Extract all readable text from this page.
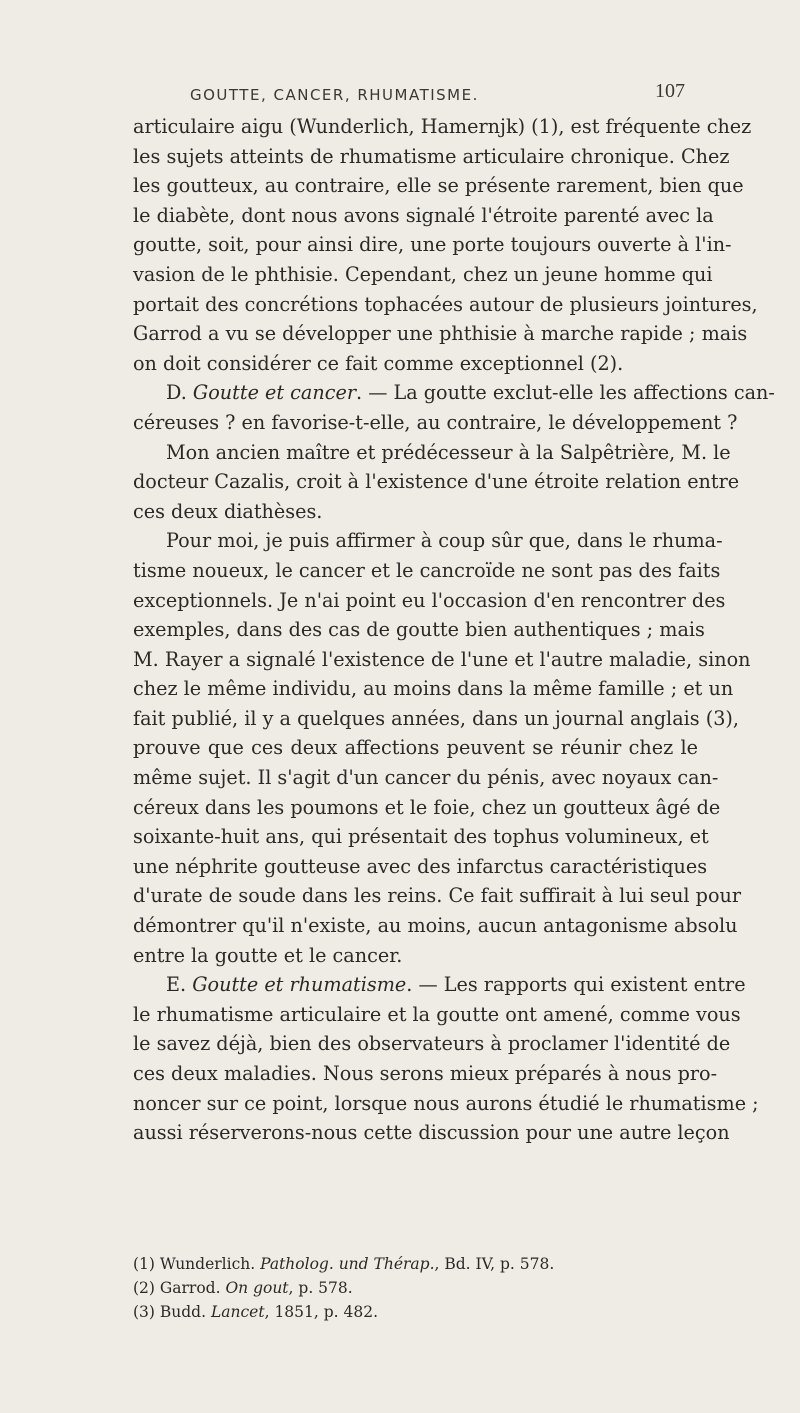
GOUTTE, CANCER, RHUMATISME.	107
articulaire aigu (Wunderlich, Hamernjk) (1), est fréquente chez
les sujets atteints de rhumatisme articulaire chronique. Chez
les goutteux, au contraire, elle se présente rarement, bien que
le diabète, dont nous avons signalé l'étroite parenté avec la
goutte, soit, pour ainsi dire, une porte toujours ouverte à l'in-
vasion de le phthisie. Cependant, chez un jeune homme qui
portait des concrétions tophacées autour de plusieurs jointures,
Garrod a vu se développer une phthisie à marche rapide ; mais
on doit considérer ce fait comme exceptionnel (2).
D. Goutte et cancer. — La goutte exclut-elle les affections can-
céreuses ? en favorise-t-elle, au contraire, le développement ?
Mon ancien maître et prédécesseur à la Salpêtrière, M. le
docteur Cazalis, croit à l'existence d'une étroite relation entre
ces deux diathèses.
Pour moi, je puis affirmer à coup sûr que, dans le rhuma-
tisme noueux, le cancer et le cancroïde ne sont pas des faits
exceptionnels. Je n'ai point eu l'occasion d'en rencontrer des
exemples, dans des cas de goutte bien authentiques ; mais
M. Rayer a signalé l'existence de l'une et l'autre maladie, sinon
chez le même individu, au moins dans la même famille ; et un
fait publié, il y a quelques années, dans un journal anglais (3),
prouve que ces deux affections peuvent se réunir chez le
même sujet. Il s'agit d'un cancer du pénis, avec noyaux can-
céreux dans les poumons et le foie, chez un goutteux âgé de
soixante-huit ans, qui présentait des tophus volumineux, et
une néphrite goutteuse avec des infarctus caractéristiques
d'urate de soude dans les reins. Ce fait suffirait à lui seul pour
démontrer qu'il n'existe, au moins, aucun antagonisme absolu
entre la goutte et le cancer.
E. Goutte et rhumatisme. — Les rapports qui existent entre
le rhumatisme articulaire et la goutte ont amené, comme vous
le savez déjà, bien des observateurs à proclamer l'identité de
ces deux maladies. Nous serons mieux préparés à nous pro-
noncer sur ce point, lorsque nous aurons étudié le rhumatisme ;
aussi réserverons-nous cette discussion pour une autre leçon
(1) Wunderlich. Patholog. und Thérap., Bd. IV, p. 578.
(2) Garrod. On gout, p. 578.
(3) Budd. Lancet, 1851, p. 482.
